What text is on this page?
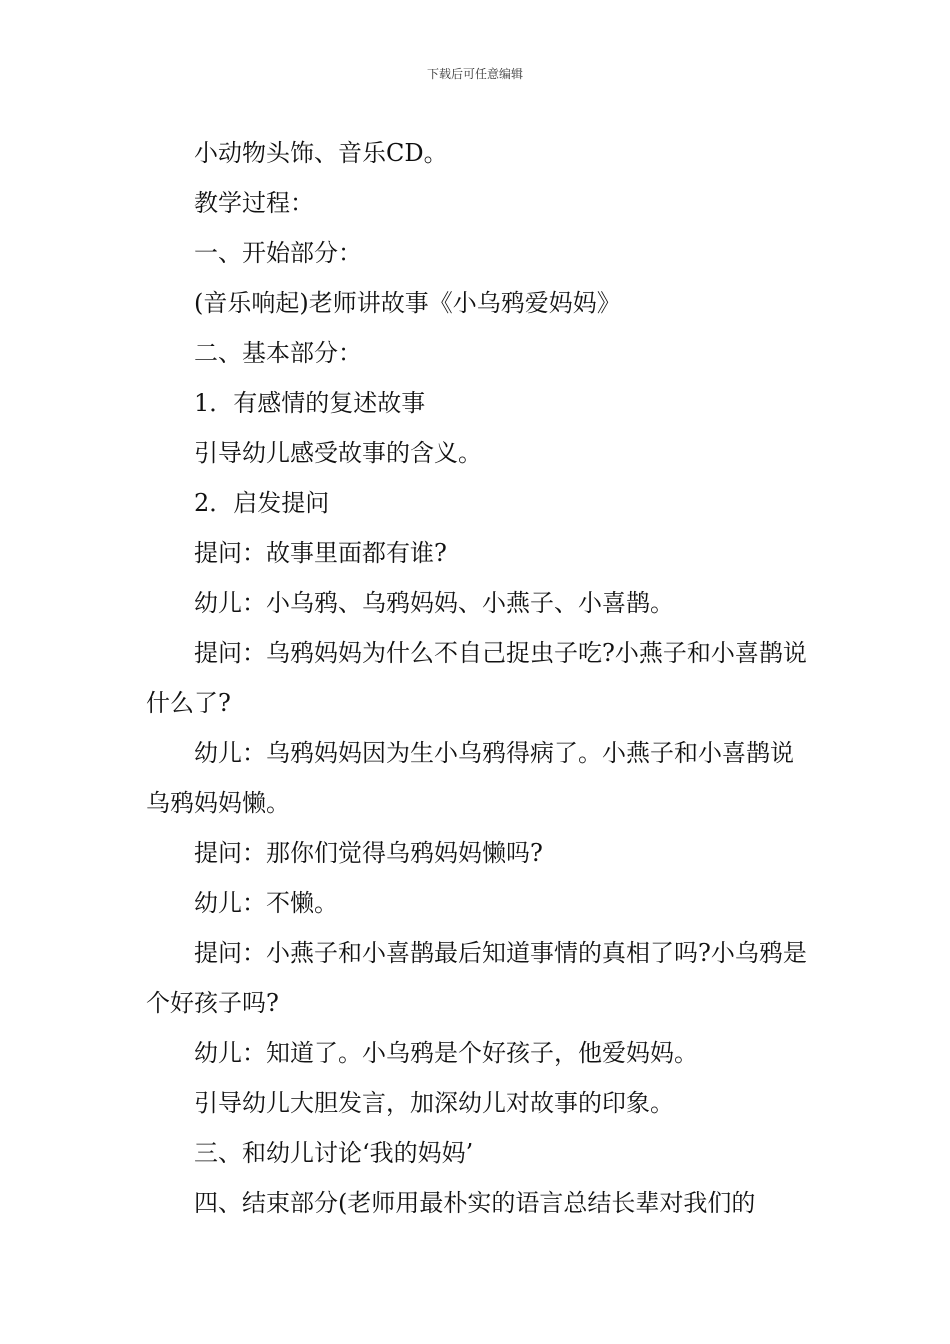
下载后可任意编辑

小动物头饰、音乐CD。

教学过程：

一、开始部分：

(音乐响起)老师讲故事《小乌鸦爱妈妈》

二、基本部分：

1．有感情的复述故事

引导幼儿感受故事的含义。

2．启发提问

提问：故事里面都有谁?

幼儿：小乌鸦、乌鸦妈妈、小燕子、小喜鹊。

提问：乌鸦妈妈为什么不自己捉虫子吃?小燕子和小喜鹊说什么了?

幼儿：乌鸦妈妈因为生小乌鸦得病了。小燕子和小喜鹊说乌鸦妈妈懒。

提问：那你们觉得乌鸦妈妈懒吗?

幼儿：不懒。

提问：小燕子和小喜鹊最后知道事情的真相了吗?小乌鸦是个好孩子吗?

幼儿：知道了。小乌鸦是个好孩子，他爱妈妈。

引导幼儿大胆发言，加深幼儿对故事的印象。

三、和幼儿讨论‘我的妈妈’

四、结束部分(老师用最朴实的语言总结长辈对我们的
